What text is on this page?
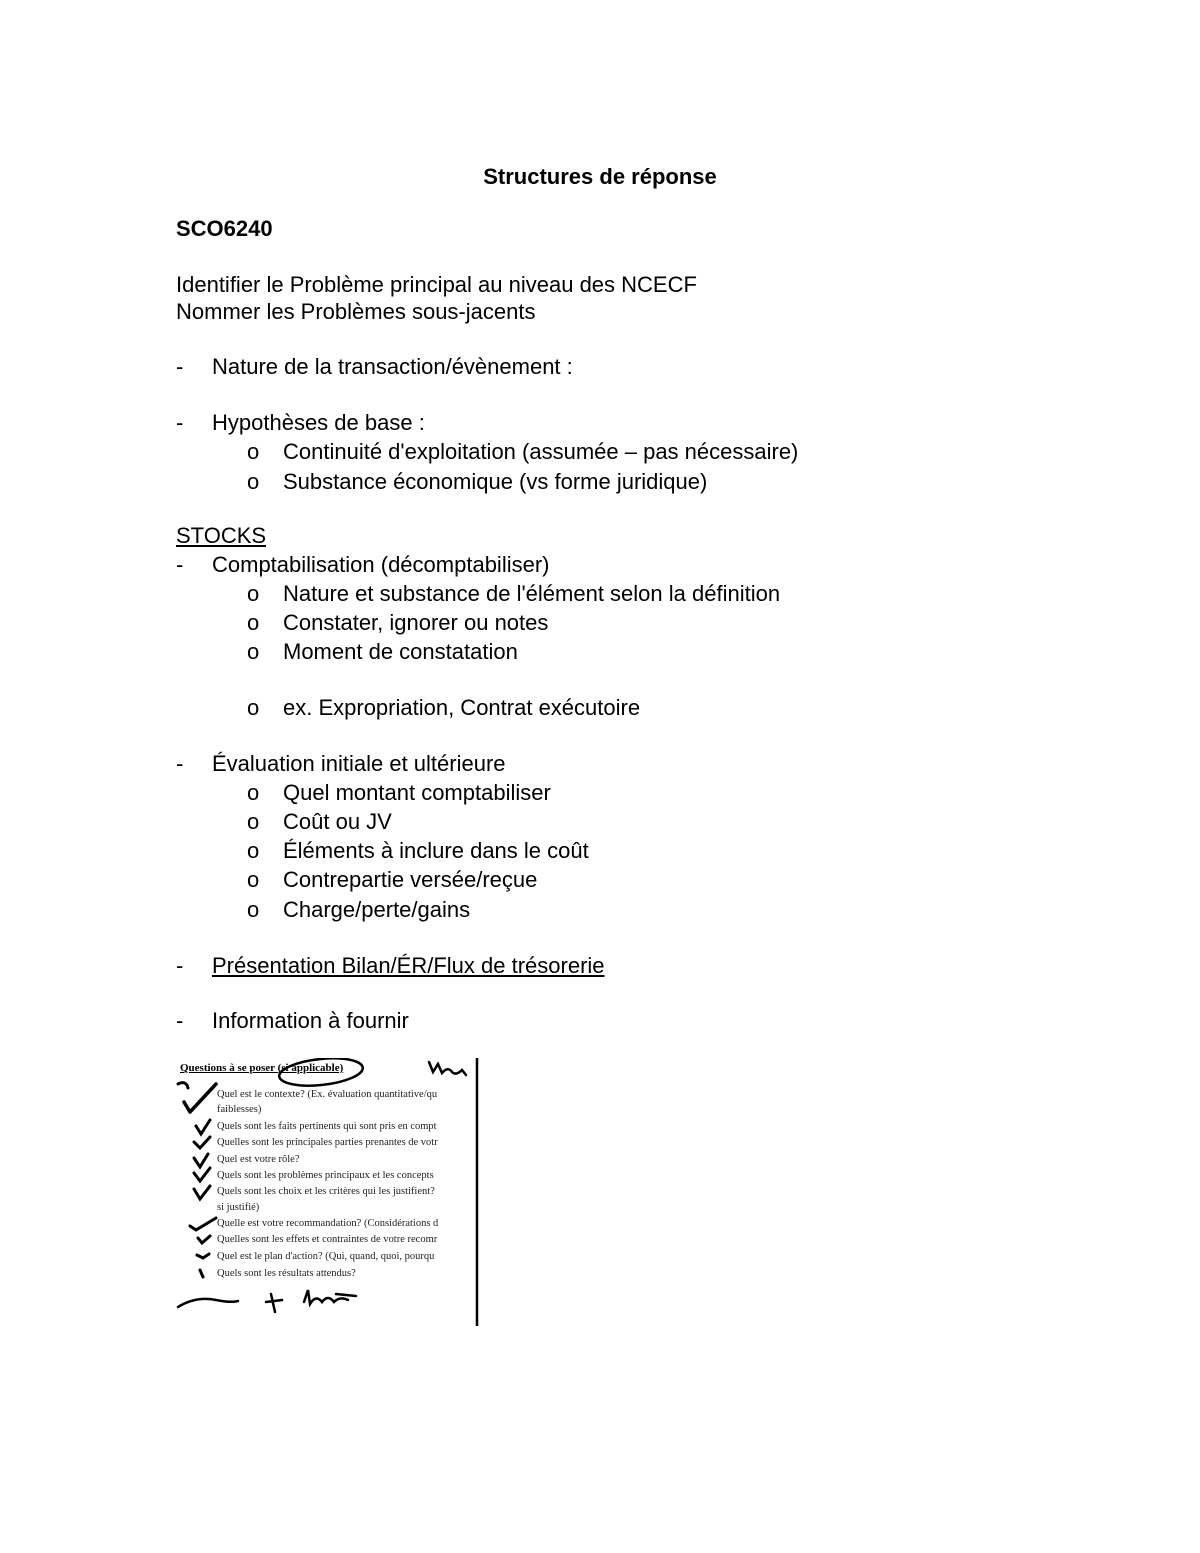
Structures de réponse
SCO6240
Identifier le Problème principal au niveau des NCECF
Nommer les Problèmes sous-jacents
- Nature de la transaction/évènement :
- Hypothèses de base :
o Continuité d'exploitation (assumée – pas nécessaire)
o Substance économique (vs forme juridique)
STOCKS
- Comptabilisation (décomptabiliser)
o Nature et substance de l'élément selon la définition
o Constater, ignorer ou notes
o Moment de constatation
o ex. Expropriation, Contrat exécutoire
- Évaluation initiale et ultérieure
o Quel montant comptabiliser
o Coût ou JV
o Éléments à inclure dans le coût
o Contrepartie versée/reçue
o Charge/perte/gains
- Présentation Bilan/ÉR/Flux de trésorerie
- Information à fournir
Questions à se poser (si applicable)
Quel est le contexte? (Ex. évaluation quantitative/qu
faiblesses)
Quels sont les faits pertinents qui sont pris en compt
Quelles sont les principales parties prenantes de votr
Quel est votre rôle?
Quels sont les problèmes principaux et les concepts
Quels sont les choix et les critères qui les justifient?
si justifié)
Quelle est votre recommandation? (Considérations d
Quelles sont les effets et contraintes de votre recomr
Quel est le plan d'action? (Qui, quand, quoi, pourqu
Quels sont les résultats attendus?
